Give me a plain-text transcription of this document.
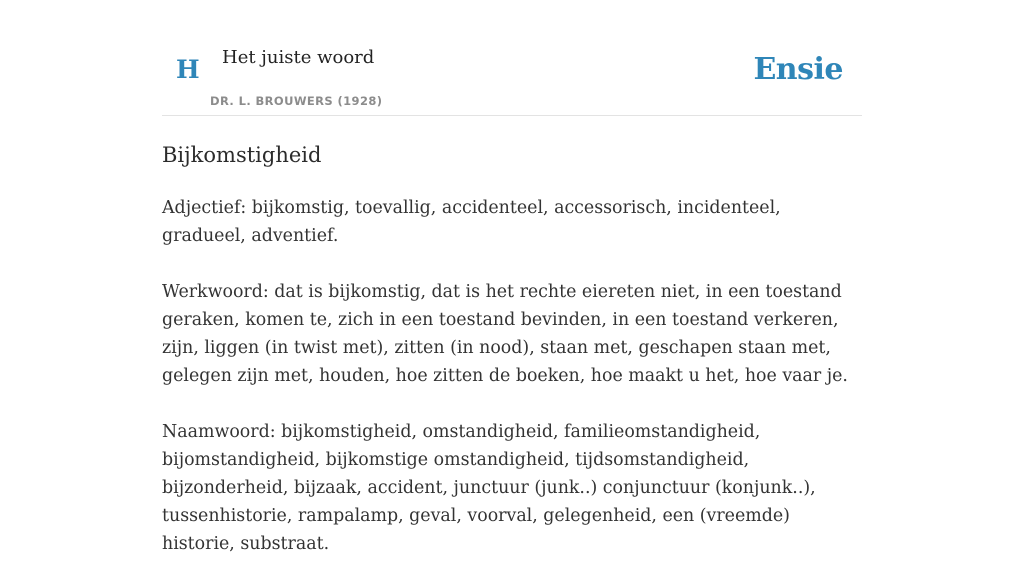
H Het juiste woord
DR. L. BROUWERS (1928)
Ensie
Bijkomstigheid

Adjectief: bijkomstig, toevallig, accidenteel, accessorisch, incidenteel, gradueel, adventief.

Werkwoord: dat is bijkomstig, dat is het rechte eiereten niet, in een toestand geraken, komen te, zich in een toestand bevinden, in een toestand verkeren, zijn, liggen (in twist met), zitten (in nood), staan met, geschapen staan met, gelegen zijn met, houden, hoe zitten de boeken, hoe maakt u het, hoe vaar je.

Naamwoord: bijkomstigheid, omstandigheid, familieomstandigheid, bijomstandigheid, bijkomstige omstandigheid, tijdsomstandigheid, bijzonderheid, bijzaak, accident, junctuur (junk..) conjunctuur (konjunk..), tussenhistorie, rampalamp, geval, voorval, gelegenheid, een (vreemde) historie, substraat.
